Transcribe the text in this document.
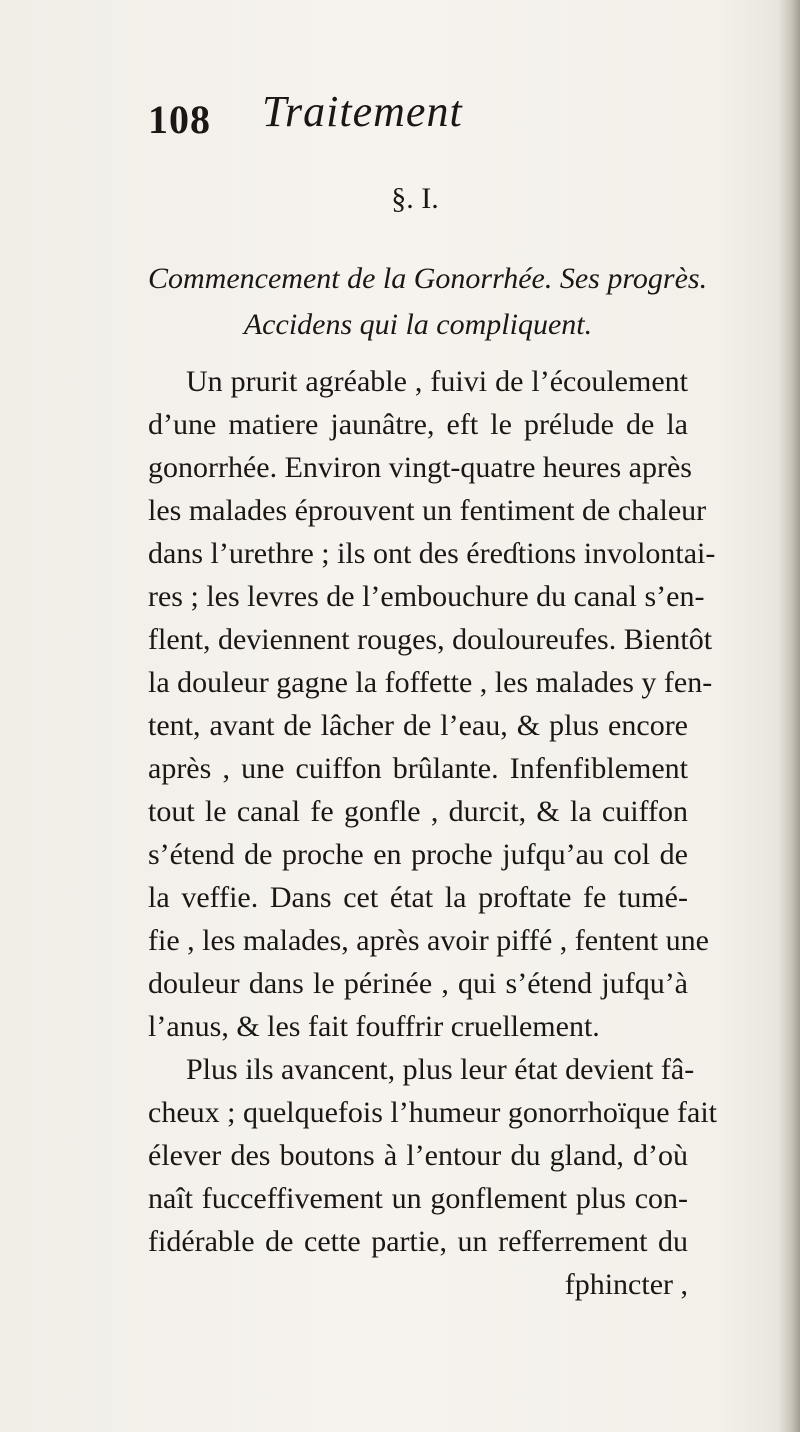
108 Traitement
§. I.
Commencement de la Gonorrhée. Ses progrès.
Accidens qui la compliquent.
Un prurit agréable , fuivi de l’écoulement
d’une matiere jaunâtre, eft le prélude de la
gonorrhée. Environ vingt-quatre heures après
les malades éprouvent un fentiment de chaleur
dans l’urethre ; ils ont des éreɗtions involontai-
res ; les levres de l’embouchure du canal s’en-
flent, deviennent rouges, douloureufes. Bientôt
la douleur gagne la foffette , les malades y fen-
tent, avant de lâcher de l’eau, & plus encore
après , une cuiffon brûlante. Infenfiblement
tout le canal fe gonfle , durcit, & la cuiffon
s’étend de proche en proche jufqu’au col de
la veffie. Dans cet état la proftate fe tumé-
fie , les malades, après avoir piffé , fentent une
douleur dans le périnée , qui s’étend jufqu’à
l’anus, & les fait fouffrir cruellement.
Plus ils avancent, plus leur état devient fâ-
cheux ; quelquefois l’humeur gonorrhoïque fait
élever des boutons à l’entour du gland, d’où
naît fucceffivement un gonflement plus con-
fidérable de cette partie, un refferrement du
fphincter ,
